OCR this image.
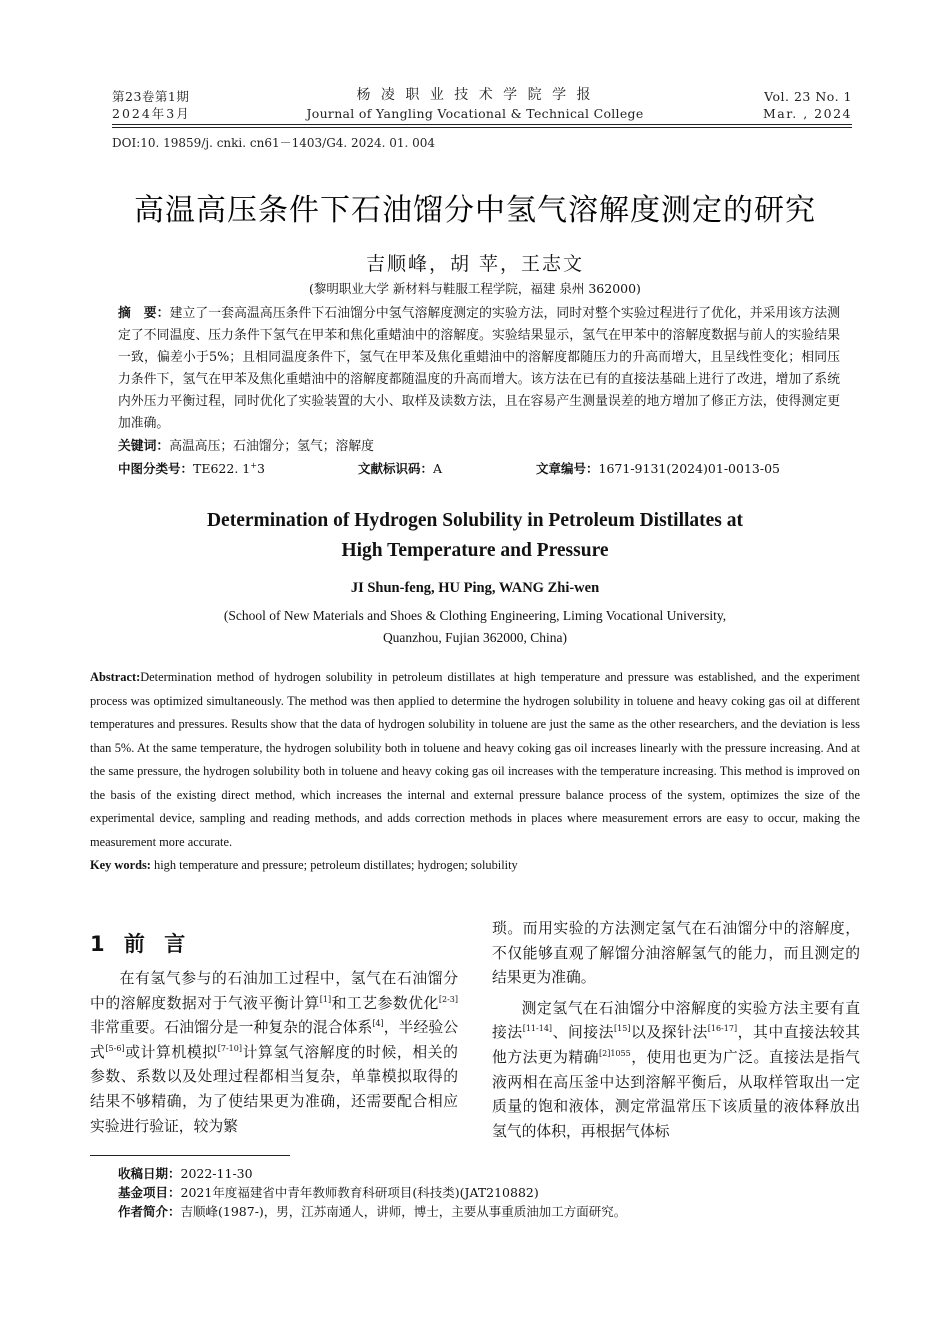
第23卷第1期
2024年3月
杨 凌 职 业 技 术 学 院 学 报
Journal of Yangling Vocational & Technical College
Vol. 23 No. 1
Mar. , 2024
DOI:10. 19859/j. cnki. cn61－1403/G4. 2024. 01. 004
高温高压条件下石油馏分中氢气溶解度测定的研究
吉顺峰，胡 苹，王志文
(黎明职业大学 新材料与鞋服工程学院，福建 泉州 362000)
摘　要：建立了一套高温高压条件下石油馏分中氢气溶解度测定的实验方法，同时对整个实验过程进行了优化，并采用该方法测定了不同温度、压力条件下氢气在甲苯和焦化重蜡油中的溶解度。实验结果显示，氢气在甲苯中的溶解度数据与前人的实验结果一致，偏差小于5%；且相同温度条件下，氢气在甲苯及焦化重蜡油中的溶解度都随压力的升高而增大，且呈线性变化；相同压力条件下，氢气在甲苯及焦化重蜡油中的溶解度都随温度的升高而增大。该方法在已有的直接法基础上进行了改进，增加了系统内外压力平衡过程，同时优化了实验装置的大小、取样及读数方法，且在容易产生测量误差的地方增加了修正方法，使得测定更加准确。
关键词：高温高压；石油馏分；氢气；溶解度
中图分类号：TE622. 1+3	文献标识码：A	文章编号：1671-9131(2024)01-0013-05
Determination of Hydrogen Solubility in Petroleum Distillates at
High Temperature and Pressure
JI Shun-feng, HU Ping, WANG Zhi-wen
(School of New Materials and Shoes & Clothing Engineering, Liming Vocational University,
Quanzhou, Fujian 362000, China)
Abstract:Determination method of hydrogen solubility in petroleum distillates at high temperature and pressure was established, and the experiment process was optimized simultaneously. The method was then applied to determine the hydrogen solubility in toluene and heavy coking gas oil at different temperatures and pressures. Results show that the data of hydrogen solubility in toluene are just the same as the other researchers, and the deviation is less than 5%. At the same temperature, the hydrogen solubility both in toluene and heavy coking gas oil increases linearly with the pressure increasing. And at the same pressure, the hydrogen solubility both in toluene and heavy coking gas oil increases with the temperature increasing. This method is improved on the basis of the existing direct method, which increases the internal and external pressure balance process of the system, optimizes the size of the experimental device, sampling and reading methods, and adds correction methods in places where measurement errors are easy to occur, making the measurement more accurate.
Key words: high temperature and pressure; petroleum distillates; hydrogen; solubility
1 前 言

在有氢气参与的石油加工过程中，氢气在石油馏分中的溶解度数据对于气液平衡计算[1]和工艺参数优化[2-3]非常重要。石油馏分是一种复杂的混合体系[4]，半经验公式[5-6]或计算机模拟[7-10]计算氢气溶解度的时候，相关的参数、系数以及处理过程都相当复杂，单靠模拟取得的结果不够精确，为了使结果更为准确，还需要配合相应实验进行验证，较为繁

琐。而用实验的方法测定氢气在石油馏分中的溶解度，不仅能够直观了解馏分油溶解氢气的能力，而且测定的结果更为准确。

测定氢气在石油馏分中溶解度的实验方法主要有直接法[11-14]、间接法[15]以及探针法[16-17]，其中直接法较其他方法更为精确$^{[2]1055}$，使用也更为广泛。直接法是指气液两相在高压釜中达到溶解平衡后，从取样管取出一定质量的饱和液体，测定常温常压下该质量的液体释放出氢气的体积，再根据气体标

收稿日期：2022-11-30
基金项目：2021年度福建省中青年教师教育科研项目(科技类)(JAT210882)
作者简介：吉顺峰(1987-)，男，江苏南通人，讲师，博士，主要从事重质油加工方面研究。
